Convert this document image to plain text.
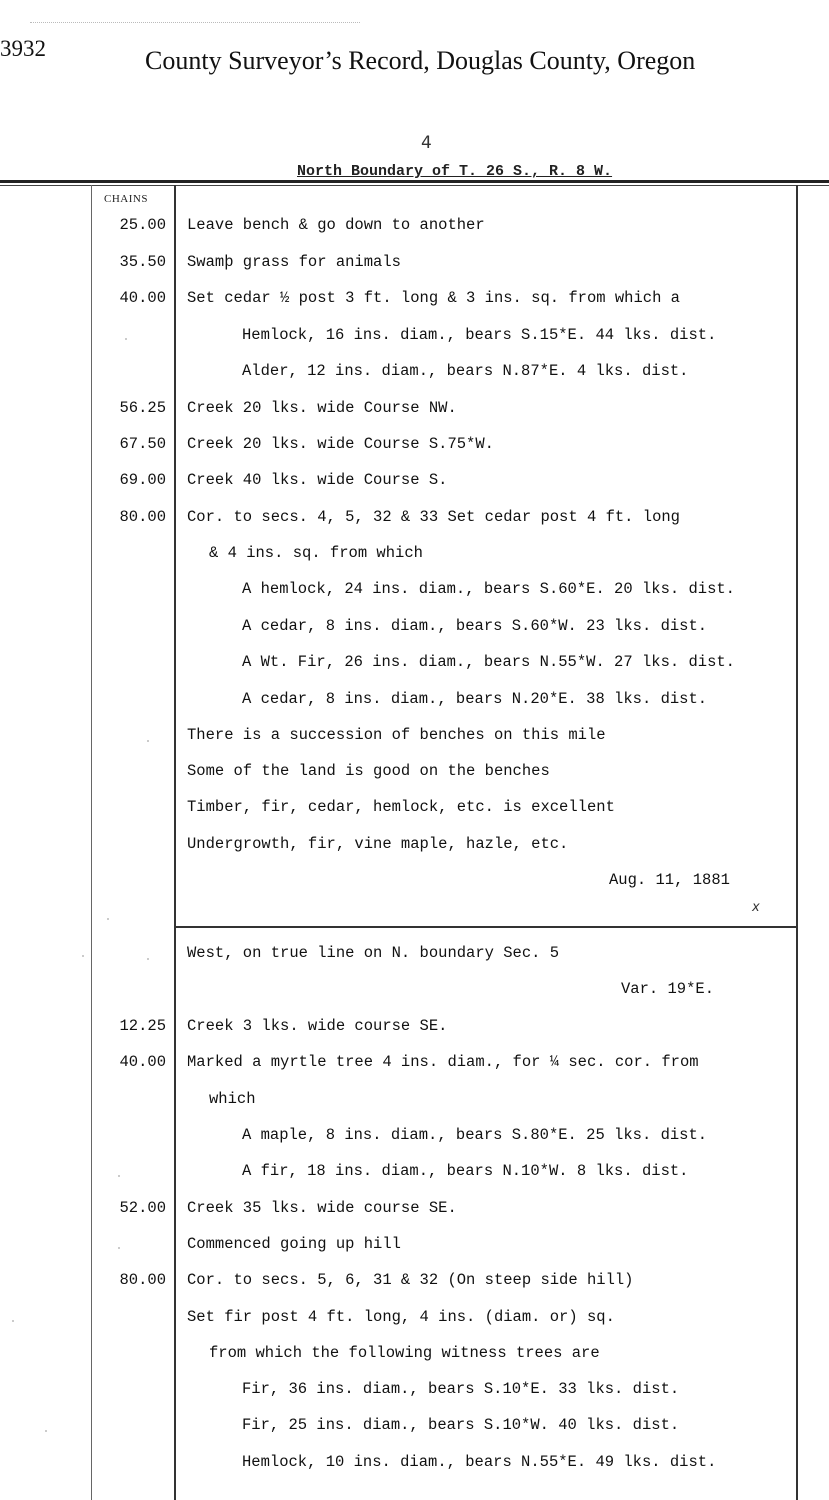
3932	County Surveyor’s Record, Douglas County, Oregon
4
North Boundary of T. 26 S., R. 8 W.
CHAINS
25.00 Leave bench & go down to another
35.50 Swamþ grass for animals
40.00 Set cedar ½ post 3 ft. long & 3 ins. sq. from which a
Hemlock, 16 ins. diam., bears S.15*E. 44 lks. dist.
Alder, 12 ins. diam., bears N.87*E. 4 lks. dist.
56.25 Creek 20 lks. wide Course NW.
67.50 Creek 20 lks. wide Course S.75*W.
69.00 Creek 40 lks. wide Course S.
80.00 Cor. to secs. 4, 5, 32 & 33 Set cedar post 4 ft. long
& 4 ins. sq. from which
A hemlock, 24 ins. diam., bears S.60*E. 20 lks. dist.
A cedar, 8 ins. diam., bears S.60*W. 23 lks. dist.
A Wt. Fir, 26 ins. diam., bears N.55*W. 27 lks. dist.
A cedar, 8 ins. diam., bears N.20*E. 38 lks. dist.
There is a succession of benches on this mile
Some of the land is good on the benches
Timber, fir, cedar, hemlock, etc. is excellent
Undergrowth, fir, vine maple, hazle, etc.
Aug. 11, 1881
West, on true line on N. boundary Sec. 5
Var. 19*E.
12.25 Creek 3 lks. wide course SE.
40.00 Marked a myrtle tree 4 ins. diam., for ¼ sec. cor. from
which
A maple, 8 ins. diam., bears S.80*E. 25 lks. dist.
A fir, 18 ins. diam., bears N.10*W. 8 lks. dist.
52.00 Creek 35 lks. wide course SE.
Commenced going up hill
80.00 Cor. to secs. 5, 6, 31 & 32 (On steep side hill)
Set fir post 4 ft. long, 4 ins. (diam. or) sq.
from which the following witness trees are
Fir, 36 ins. diam., bears S.10*E. 33 lks. dist.
Fir, 25 ins. diam., bears S.10*W. 40 lks. dist.
Hemlock, 10 ins. diam., bears N.55*E. 49 lks. dist.
x
